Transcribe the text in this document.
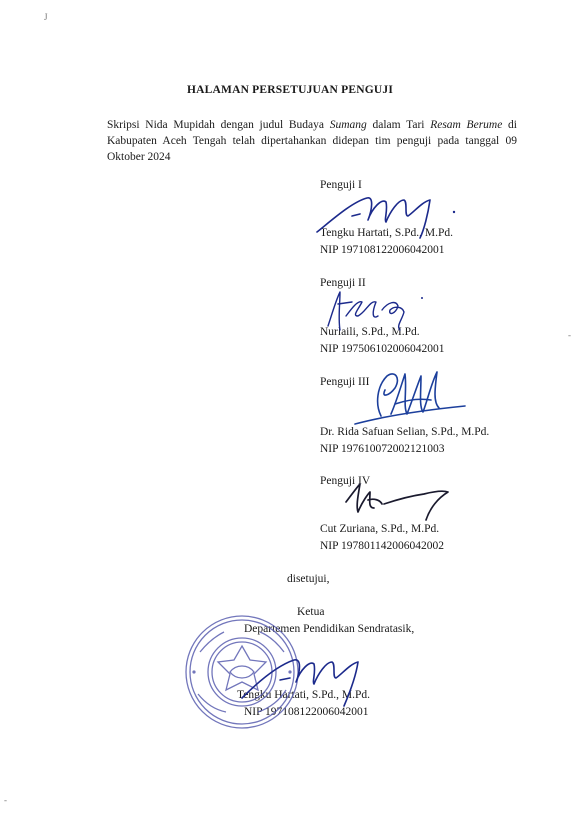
J
-
-
HALAMAN PERSETUJUAN PENGUJI
Skripsi Nida Mupidah dengan judul Budaya Sumang dalam Tari Resam Berume di Kabupaten Aceh Tengah telah dipertahankan didepan tim penguji pada tanggal 09 Oktober 2024
Penguji I
Tengku Hartati, S.Pd., M.Pd.
NIP 197108122006042001
Penguji II
Nurlaili, S.Pd., M.Pd.
NIP 197506102006042001
Penguji III
Dr. Rida Safuan Selian, S.Pd., M.Pd.
NIP 197610072002121003
Penguji IV
Cut Zuriana, S.Pd., M.Pd.
NIP 197801142006042002
disetujui,
Ketua
Departemen Pendidikan Sendratasik,
Tengku Hartati, S.Pd., M.Pd.
NIP 197108122006042001
